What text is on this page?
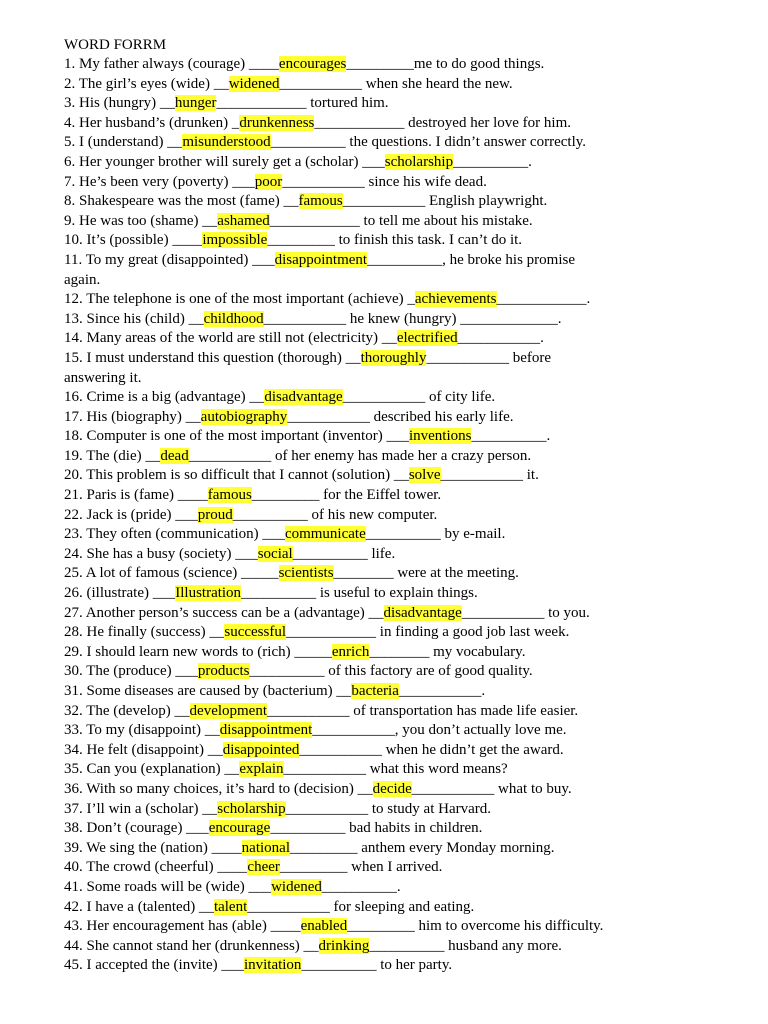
WORD FORRM
1. My father always (courage) ____encourages_________me to do good things.
2. The girl’s eyes (wide) __widened___________ when she heard the new.
3. His (hungry) __hunger____________ tortured him.
4. Her husband’s (drunken) _drunkenness____________ destroyed her love for him.
5. I (understand) __misunderstood__________ the questions. I didn’t answer correctly.
6. Her younger brother will surely get a (scholar) ___scholarship__________.
7. He’s been very (poverty) ___poor___________ since his wife dead.
8. Shakespeare was the most (fame) __famous___________ English playwright.
9. He was too (shame) __ashamed____________ to tell me about his mistake.
10. It’s (possible) ____impossible_________ to finish this task. I can’t do it.
11. To my great (disappointed) ___disappointment__________, he broke his promise
again.
12. The telephone is one of the most important (achieve) _achievements____________.
13. Since his (child) __childhood___________ he knew (hungry) _____________.
14. Many areas of the world are still not (electricity) __electrified___________.
15. I must understand this question (thorough) __thoroughly___________ before
answering it.
16. Crime is a big (advantage) __disadvantage___________ of city life.
17. His (biography) __autobiography___________ described his early life.
18. Computer is one of the most important (inventor) ___inventions__________.
19. The (die) __dead___________ of her enemy has made her a crazy person.
20. This problem is so difficult that I cannot (solution) __solve___________ it.
21. Paris is (fame) ____famous_________ for the Eiffel tower.
22. Jack is (pride) ___proud__________ of his new computer.
23. They often (communication) ___communicate__________ by e-mail.
24. She has a busy (society) ___social__________ life.
25. A lot of famous (science) _____scientists________ were at the meeting.
26. (illustrate) ___Illustration__________ is useful to explain things.
27. Another person’s success can be a (advantage) __disadvantage___________ to you.
28. He finally (success) __successful____________ in finding a good job last week.
29. I should learn new words to (rich) _____enrich________ my vocabulary.
30. The (produce) ___products__________ of this factory are of good quality.
31. Some diseases are caused by (bacterium) __bacteria___________.
32. The (develop) __development___________ of transportation has made life easier.
33. To my (disappoint) __disappointment___________, you don’t actually love me.
34. He felt (disappoint) __disappointed___________ when he didn’t get the award.
35. Can you (explanation) __explain___________ what this word means?
36. With so many choices, it’s hard to (decision) __decide___________ what to buy.
37. I’ll win a (scholar) __scholarship___________ to study at Harvard.
38. Don’t (courage) ___encourage__________ bad habits in children.
39. We sing the (nation) ____national_________ anthem every Monday morning.
40. The crowd (cheerful) ____cheer_________ when I arrived.
41. Some roads will be (wide) ___widened__________.
42. I have a (talented) __talent___________ for sleeping and eating.
43. Her encouragement has (able) ____enabled_________ him to overcome his difficulty.
44. She cannot stand her (drunkenness) __drinking__________ husband any more.
45. I accepted the (invite) ___invitation__________ to her party.
